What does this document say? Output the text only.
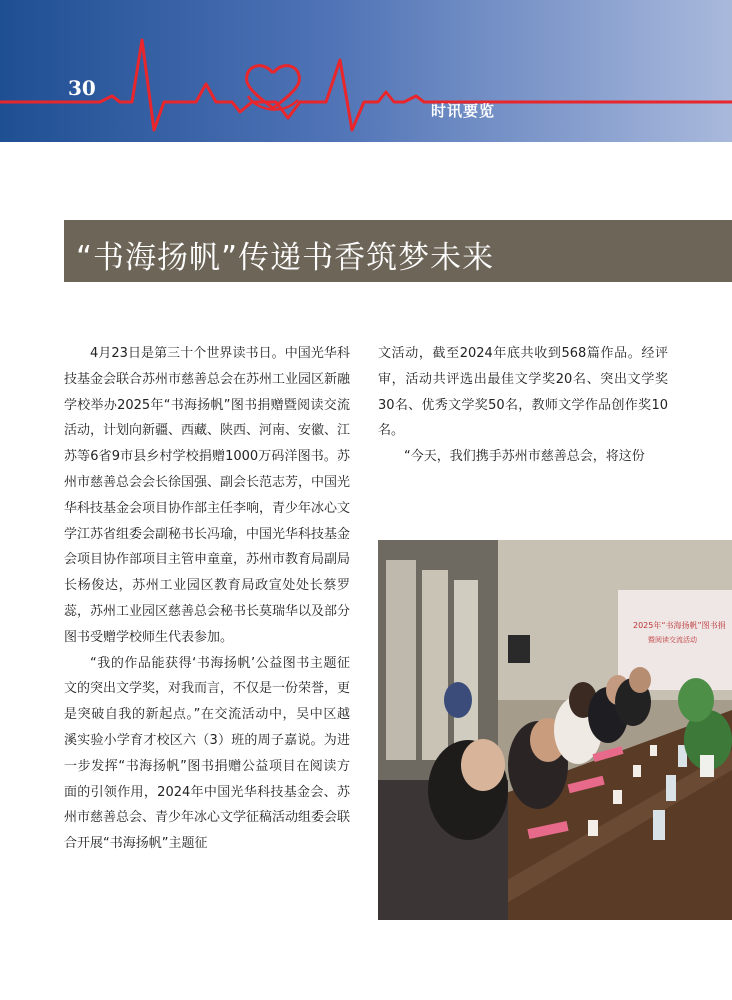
30
时讯要览
“书海扬帆”传递书香筑梦未来

4月23日是第三十个世界读书日。中国光华科技基金会联合苏州市慈善总会在苏州工业园区新融学校举办2025年“书海扬帆”图书捐赠暨阅读交流活动，计划向新疆、西藏、陕西、河南、安徽、江苏等6省9市县乡村学校捐赠1000万码洋图书。苏州市慈善总会会长徐国强、副会长范志芳，中国光华科技基金会项目协作部主任李响，青少年冰心文学江苏省组委会副秘书长冯瑜，中国光华科技基金会项目协作部项目主管申童童，苏州市教育局副局长杨俊达，苏州工业园区教育局政宣处处长蔡罗蕊，苏州工业园区慈善总会秘书长莫瑞华以及部分图书受赠学校师生代表参加。

“我的作品能获得‘书海扬帆’公益图书主题征文的突出文学奖，对我而言，不仅是一份荣誉，更是突破自我的新起点。”在交流活动中，吴中区越溪实验小学育才校区六（3）班的周子嘉说。为进一步发挥“书海扬帆”图书捐赠公益项目在阅读方面的引领作用，2024年中国光华科技基金会、苏州市慈善总会、青少年冰心文学征稿活动组委会联合开展“书海扬帆”主题征

文活动，截至2024年底共收到568篇作品。经评审，活动共评选出最佳文学奖20名、突出文学奖30名、优秀文学奖50名，教师文学作品创作奖10名。

“今天，我们携手苏州市慈善总会，将这份

2025年“书海扬帆”图书捐
暨阅读交流活动
